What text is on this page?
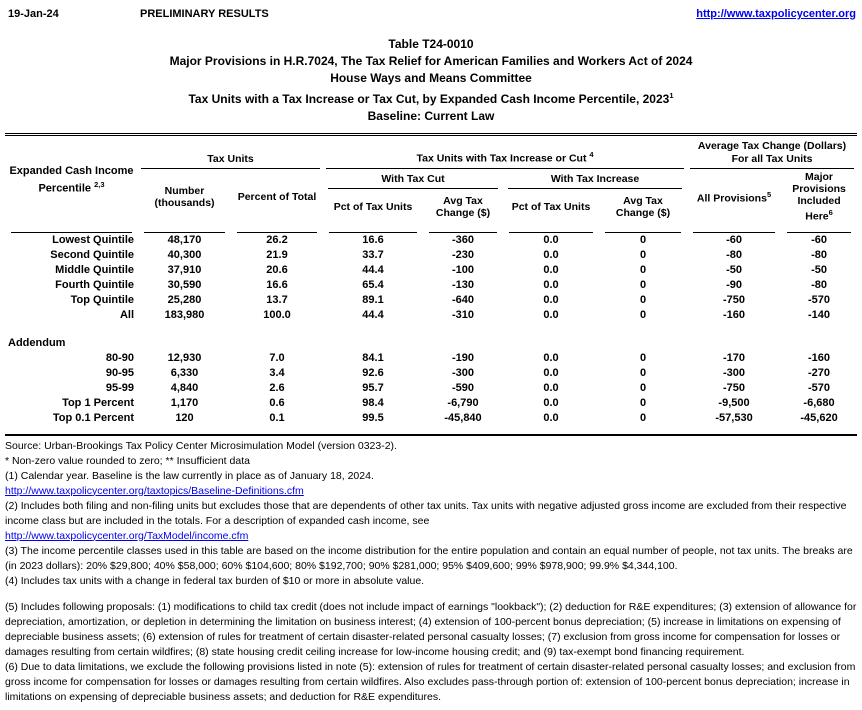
19-Jan-24	PRELIMINARY RESULTS	http://www.taxpolicycenter.org
Table T24-0010
Major Provisions in H.R.7024, The Tax Relief for American Families and Workers Act of 2024
House Ways and Means Committee
Tax Units with a Tax Increase or Tax Cut, by Expanded Cash Income Percentile, 2023$^1$
Baseline: Current Law
Expanded Cash Income Percentile $^{2,3}$	Tax Units		Tax Units with Tax Increase or Cut $^4$				Average Tax Change (Dollars) For all Tax Units	

	Number (thousands)	Percent of Total	With Tax Cut		With Tax Increase		All Provisions$^5$	Major Provisions Included Here$^6$
			Pct of Tax Units	Avg Tax Change ($)	Pct of Tax Units	Avg Tax Change ($)		

Lowest Quintile	48,170	26.2	16.6	-360	0.0	0	-60	-60
Second Quintile	40,300	21.9	33.7	-230	0.0	0	-80	-80
Middle Quintile	37,910	20.6	44.4	-100	0.0	0	-50	-50
Fourth Quintile	30,590	16.6	65.4	-130	0.0	0	-90	-80
Top Quintile	25,280	13.7	89.1	-640	0.0	0	-750	-570
All	183,980	100.0	44.4	-310	0.0	0	-160	-140

Addendum								
80-90	12,930	7.0	84.1	-190	0.0	0	-170	-160
90-95	6,330	3.4	92.6	-300	0.0	0	-300	-270
95-99	4,840	2.6	95.7	-590	0.0	0	-750	-570
Top 1 Percent	1,170	0.6	98.4	-6,790	0.0	0	-9,500	-6,680
Top 0.1 Percent	120	0.1	99.5	-45,840	0.0	0	-57,530	-45,620

Source: Urban-Brookings Tax Policy Center Microsimulation Model (version 0323-2).
* Non-zero value rounded to zero; ** Insufficient data
(1) Calendar year. Baseline is the law currently in place as of January 18, 2024.
http://www.taxpolicycenter.org/taxtopics/Baseline-Definitions.cfm
(2) Includes both filing and non-filing units but excludes those that are dependents of other tax units. Tax units with negative adjusted gross income are excluded from their respective income class but are included in the totals. For a description of expanded cash income, see
http://www.taxpolicycenter.org/TaxModel/income.cfm
(3) The income percentile classes used in this table are based on the income distribution for the entire population and contain an equal number of people, not tax units. The breaks are (in 2023 dollars): 20% $29,800; 40% $58,000; 60% $104,600; 80% $192,700; 90% $281,000; 95% $409,600; 99% $978,900; 99.9% $4,344,100.
(4) Includes tax units with a change in federal tax burden of $10 or more in absolute value.
(5) Includes following proposals: (1) modifications to child tax credit (does not include impact of earnings "lookback"); (2) deduction for R&E expenditures; (3) extension of allowance for depreciation, amortization, or depletion in determining the limitation on business interest; (4) extension of 100-percent bonus depreciation; (5) increase in limitations on expensing of depreciable business assets; (6) extension of rules for treatment of certain disaster-related personal casualty losses; (7) exclusion from gross income for compensation for losses or damages resulting from certain wildfires; (8) state housing credit ceiling increase for low-income housing credit; and (9) tax-exempt bond financing requirement.
(6) Due to data limitations, we exclude the following provisions listed in note (5): extension of rules for treatment of certain disaster-related personal casualty losses; and exclusion from gross income for compensation for losses or damages resulting from certain wildfires. Also excludes pass-through portion of: extension of 100-percent bonus depreciation; increase in limitations on expensing of depreciable business assets; and deduction for R&E expenditures.
